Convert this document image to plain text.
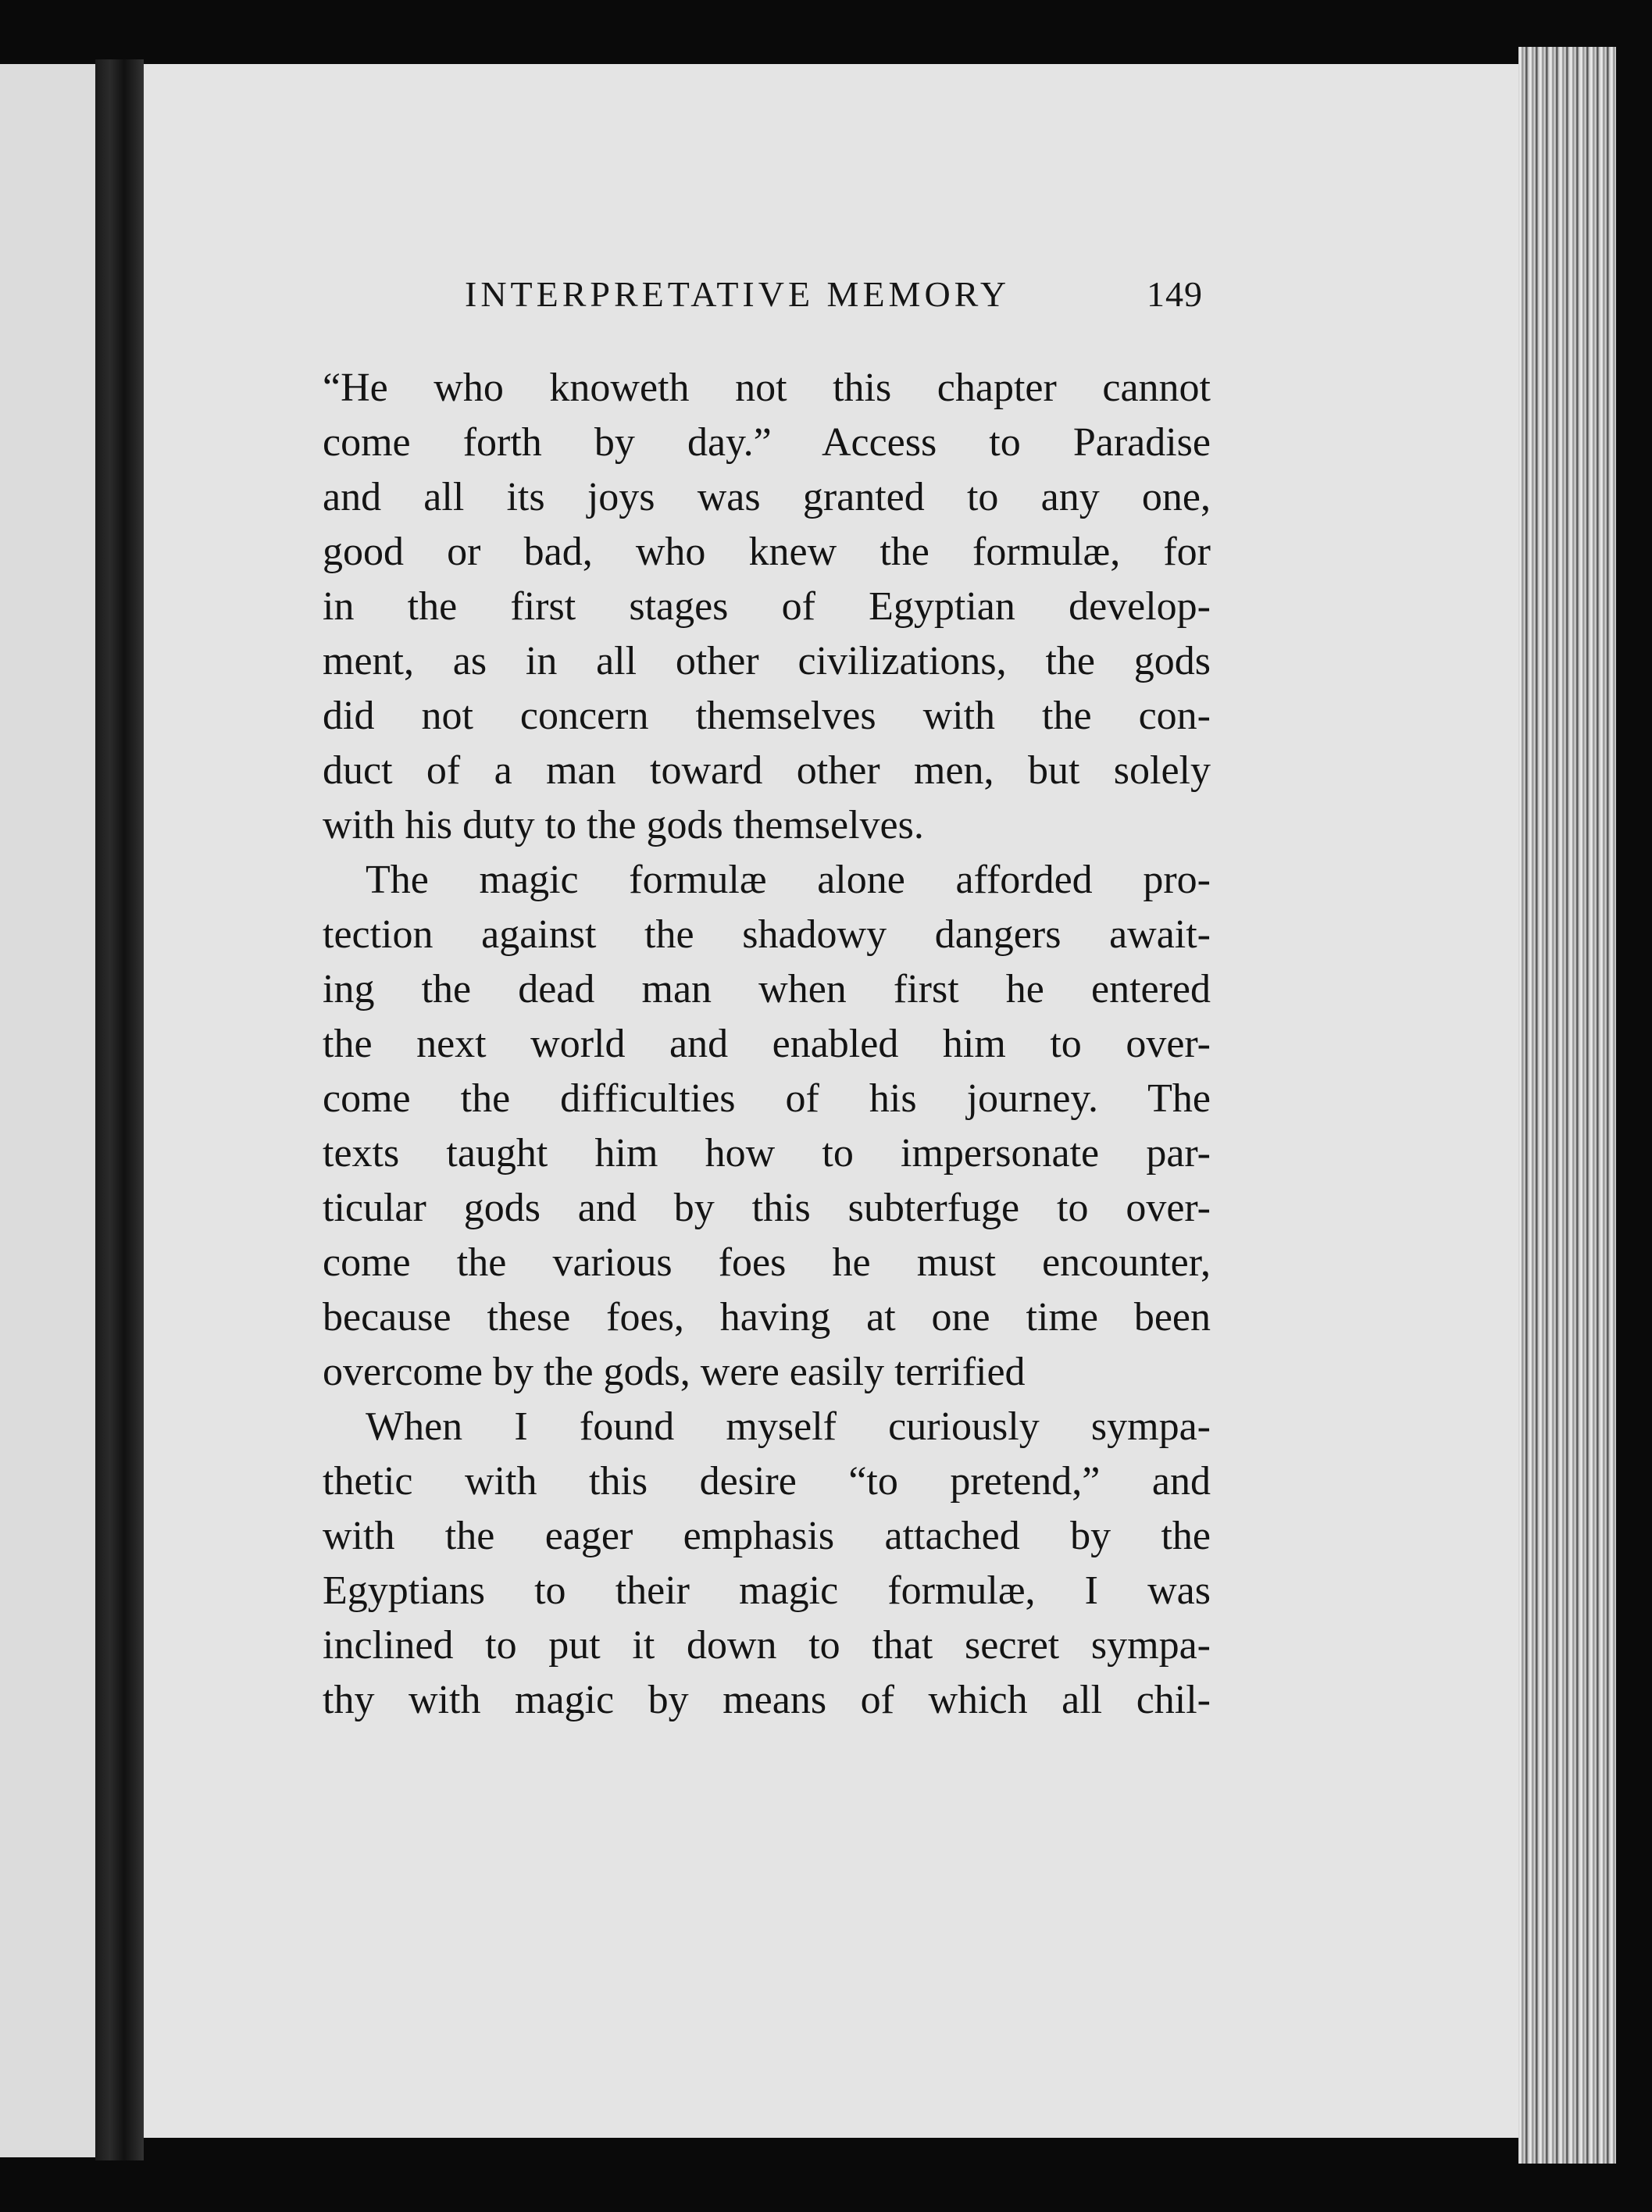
INTERPRETATIVE MEMORY	149
“He who knoweth not this chapter cannot
come forth by day.” Access to Paradise
and all its joys was granted to any one,
good or bad, who knew the formulæ, for
in the first stages of Egyptian develop-
ment, as in all other civilizations, the gods
did not concern themselves with the con-
duct of a man toward other men, but solely
with his duty to the gods themselves.
The magic formulæ alone afforded pro-
tection against the shadowy dangers await-
ing the dead man when first he entered
the next world and enabled him to over-
come the difficulties of his journey. The
texts taught him how to impersonate par-
ticular gods and by this subterfuge to over-
come the various foes he must encounter,
because these foes, having at one time been
overcome by the gods, were easily terrified
When I found myself curiously sympa-
thetic with this desire “to pretend,” and
with the eager emphasis attached by the
Egyptians to their magic formulæ, I was
inclined to put it down to that secret sympa-
thy with magic by means of which all chil-
